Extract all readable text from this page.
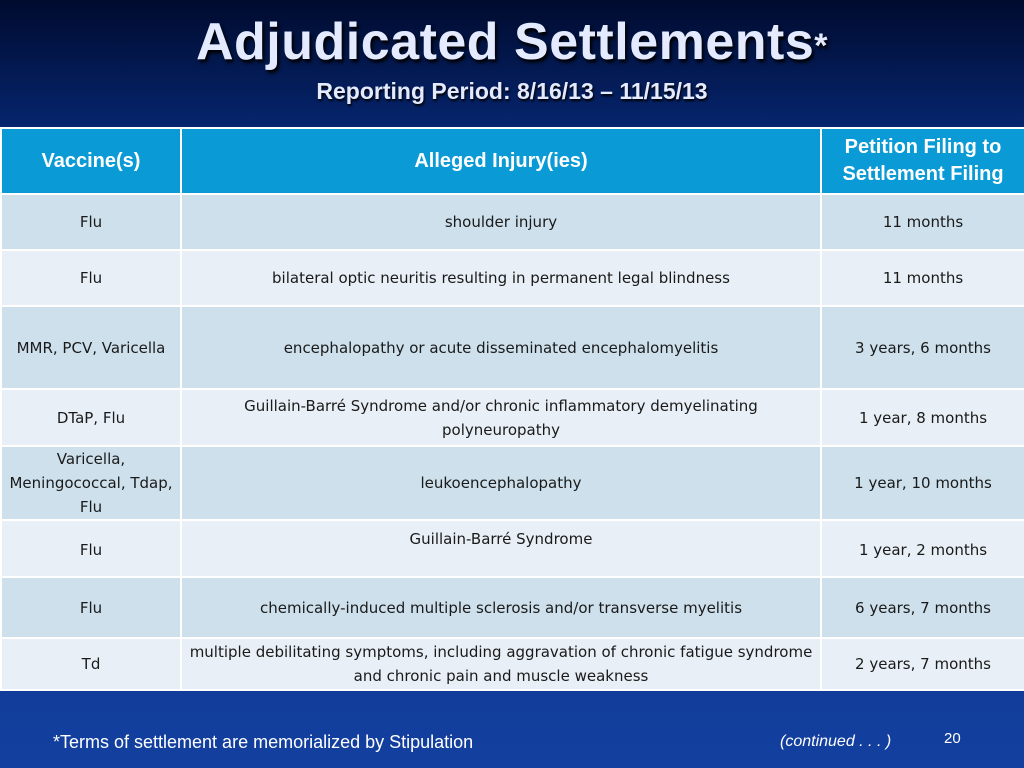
Adjudicated Settlements*
Reporting Period: 8/16/13 – 11/15/13
Vaccine(s)	Alleged Injury(ies)	Petition Filing to
Settlement Filing
Flu	shoulder injury	11 months
Flu	bilateral optic neuritis resulting in permanent legal blindness	11 months
MMR, PCV, Varicella	encephalopathy or acute disseminated encephalomyelitis	3 years, 6 months
DTaP, Flu	Guillain-Barré Syndrome and/or chronic inflammatory demyelinating polyneuropathy	1 year, 8 months
Varicella, Meningococcal, Tdap, Flu	leukoencephalopathy	1 year, 10 months
Flu	Guillain-Barré Syndrome	1 year, 2 months
Flu	chemically-induced multiple sclerosis and/or transverse myelitis	6 years, 7 months
Td	multiple debilitating symptoms, including aggravation of chronic fatigue syndrome and chronic pain and muscle weakness	2 years, 7 months
*Terms of settlement are memorialized by Stipulation	(continued . . . )	20
